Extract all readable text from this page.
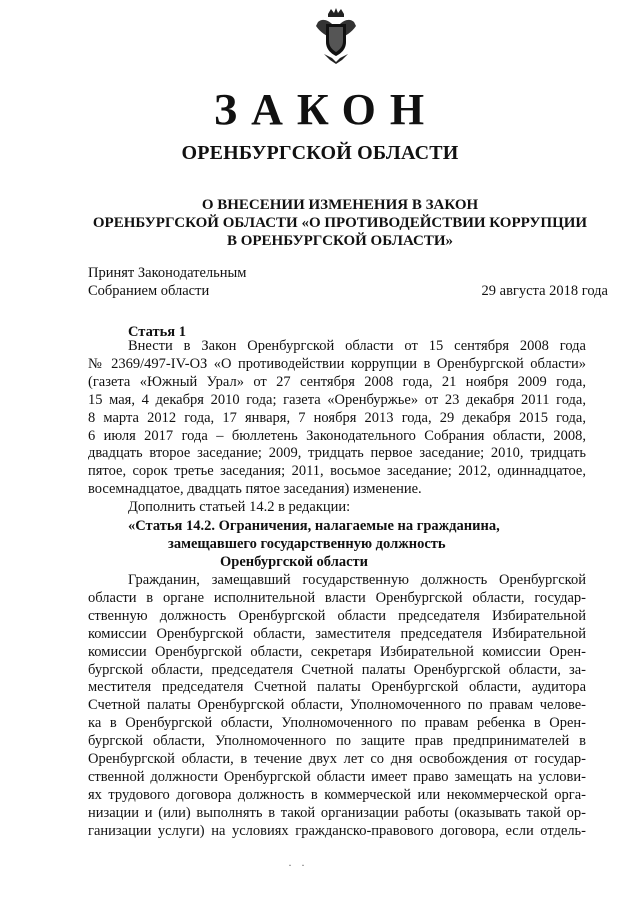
ЗАКОН
ОРЕНБУРГСКОЙ ОБЛАСТИ
О ВНЕСЕНИИ ИЗМЕНЕНИЯ В ЗАКОН
ОРЕНБУРГСКОЙ ОБЛАСТИ «О ПРОТИВОДЕЙСТВИИ КОРРУПЦИИ
В ОРЕНБУРГСКОЙ ОБЛАСТИ»
Принят Законодательным
Собранием области	29 августа 2018 года
Статья 1
Внести в Закон Оренбургской области от 15 сентября 2008 года
№ 2369/497-IV-ОЗ «О противодействии коррупции в Оренбургской области»
(газета «Южный Урал» от 27 сентября 2008 года, 21 ноября 2009 года,
15 мая, 4 декабря 2010 года; газета «Оренбуржье» от 23 декабря 2011 года,
8 марта 2012 года, 17 января, 7 ноября 2013 года, 29 декабря 2015 года,
6 июля 2017 года – бюллетень Законодательного Собрания области, 2008,
двадцать второе заседание; 2009, тридцать первое заседание; 2010, тридцать
пятое, сорок третье заседания; 2011, восьмое заседание; 2012, одиннадцатое,
восемнадцатое, двадцать пятое заседания) изменение.
Дополнить статьей 14.2 в редакции:
«Статья 14.2. Ограничения, налагаемые на гражданина,
замещавшего государственную должность
Оренбургской области
Гражданин, замещавший государственную должность Оренбургской
области в органе исполнительной власти Оренбургской области, государ-
ственную должность Оренбургской области председателя Избирательной
комиссии Оренбургской области, заместителя председателя Избирательной
комиссии Оренбургской области, секретаря Избирательной комиссии Орен-
бургской области, председателя Счетной палаты Оренбургской области, за-
местителя председателя Счетной палаты Оренбургской области, аудитора
Счетной палаты Оренбургской области, Уполномоченного по правам челове-
ка в Оренбургской области, Уполномоченного по правам ребенка в Орен-
бургской области, Уполномоченного по защите прав предпринимателей в
Оренбургской области, в течение двух лет со дня освобождения от государ-
ственной должности Оренбургской области имеет право замещать на услови-
ях трудового договора должность в коммерческой или некоммерческой орга-
низации и (или) выполнять в такой организации работы (оказывать такой ор-
ганизации услуги) на условиях гражданско-правового договора, если отдель-
· ·
